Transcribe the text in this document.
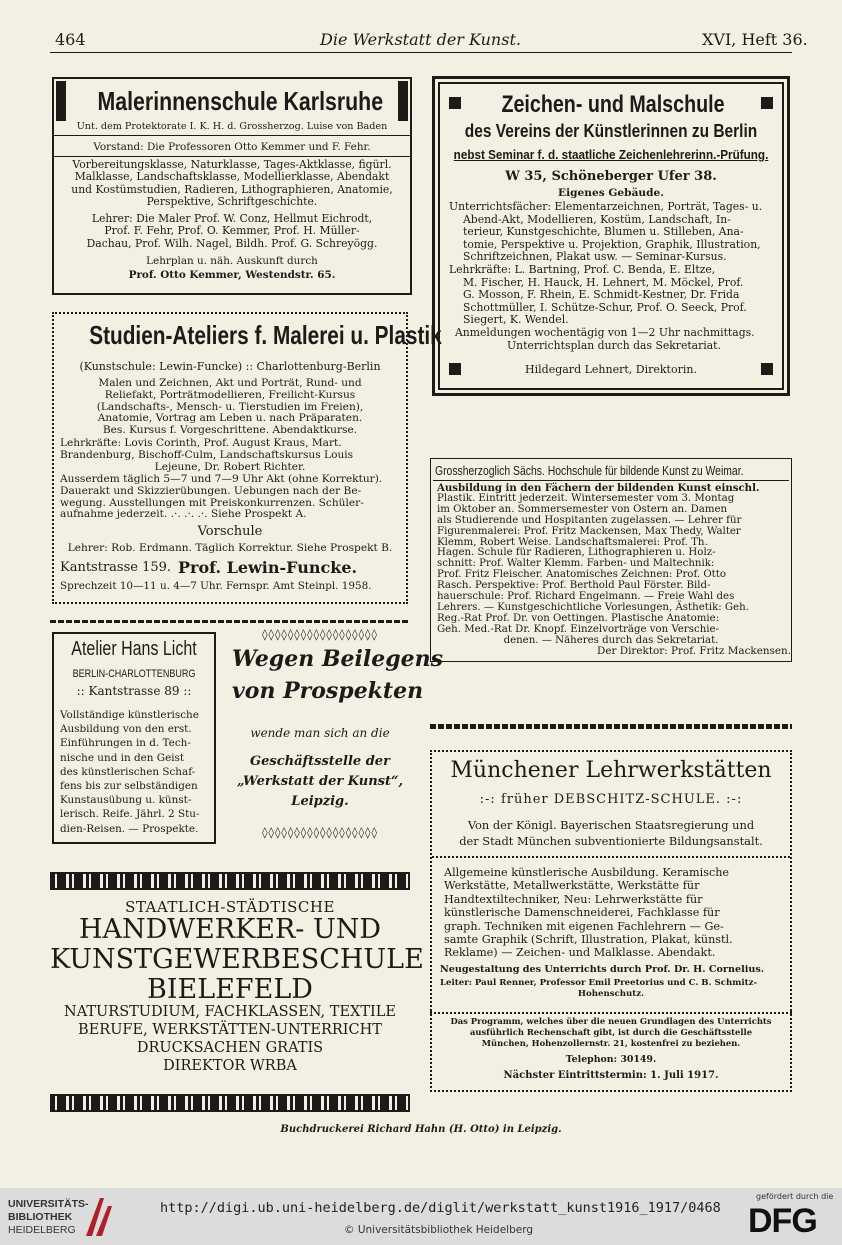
464	Die Werkstatt der Kunst.	XVI, Heft 36.
Malerinnenschule Karlsruhe
Unt. dem Protektorate I. K. H. d. Grossherzog. Luise von Baden
Vorstand: Die Professoren Otto Kemmer und F. Fehr.
Vorbereitungsklasse, Naturklasse, Tages-Aktklasse, figürl.
Malklasse, Landschaftsklasse, Modellierklasse, Abendakt
und Kostümstudien, Radieren, Lithographieren, Anatomie,
Perspektive, Schriftgeschichte.
Lehrer: Die Maler Prof. W. Conz, Hellmut Eichrodt,
Prof. F. Fehr, Prof. O. Kemmer, Prof. H. Müller-
Dachau, Prof. Wilh. Nagel, Bildh. Prof. G. Schreyögg.
Lehrplan u. näh. Auskunft durch
Prof. Otto Kemmer, Westendstr. 65.
Zeichen- und Malschule
des Vereins der Künstlerinnen zu Berlin
nebst Seminar f. d. staatliche Zeichenlehrerinn.-Prüfung.
W 35, Schöneberger Ufer 38.
Eigenes Gebäude.
Unterrichtsfächer: Elementarzeichnen, Porträt, Tages- u.
Abend-Akt, Modellieren, Kostüm, Landschaft, In-
terieur, Kunstgeschichte, Blumen u. Stilleben, Ana-
tomie, Perspektive u. Projektion, Graphik, Illustration,
Schriftzeichnen, Plakat usw. — Seminar-Kursus.
Lehrkräfte: L. Bartning, Prof. C. Benda, E. Eltze,
M. Fischer, H. Hauck, H. Lehnert, M. Möckel, Prof.
G. Mosson, F. Rhein, E. Schmidt-Kestner, Dr. Frida
Schottmüller, I. Schütze-Schur, Prof. O. Seeck, Prof.
Siegert, K. Wendel.
Anmeldungen wochentägig von 1—2 Uhr nachmittags.
Unterrichtsplan durch das Sekretariat.
Hildegard Lehnert, Direktorin.
Studien-Ateliers f. Malerei u. Plastik
(Kunstschule: Lewin-Funcke) :: Charlottenburg-Berlin
Malen und Zeichnen, Akt und Porträt, Rund- und
Reliefakt, Porträtmodellieren, Freilicht-Kursus
(Landschafts-, Mensch- u. Tierstudien im Freien),
Anatomie, Vortrag am Leben u. nach Präparaten.
Bes. Kursus f. Vorgeschrittene. Abendaktkurse.
Lehrkräfte: Lovis Corinth, Prof. August Kraus, Mart.
Brandenburg, Bischoff-Culm, Landschaftskursus Louis
Lejeune, Dr. Robert Richter.
Ausserdem täglich 5—7 und 7—9 Uhr Akt (ohne Korrektur).
Dauerakt und Skizzierübungen. Uebungen nach der Be-
wegung. Ausstellungen mit Preiskonkurrenzen. Schüler-
aufnahme jederzeit. .·. .·. .·. Siehe Prospekt A.
Vorschule
Lehrer: Rob. Erdmann. Täglich Korrektur. Siehe Prospekt B.
Kantstrasse 159. Prof. Lewin-Funcke.
Sprechzeit 10—11 u. 4—7 Uhr. Fernspr. Amt Steinpl. 1958.
Grossherzoglich Sächs. Hochschule für bildende Kunst zu Weimar.
Ausbildung in den Fächern der bildenden Kunst einschl.
Plastik. Eintritt jederzeit. Wintersemester vom 3. Montag
im Oktober an. Sommersemester von Ostern an. Damen
als Studierende und Hospitanten zugelassen. — Lehrer für
Figurenmalerei: Prof. Fritz Mackensen, Max Thedy, Walter
Klemm, Robert Weise. Landschaftsmalerei: Prof. Th.
Hagen. Schule für Radieren, Lithographieren u. Holz-
schnitt: Prof. Walter Klemm. Farben- und Maltechnik:
Prof. Fritz Fleischer. Anatomisches Zeichnen: Prof. Otto
Rasch. Perspektive: Prof. Berthold Paul Förster. Bild-
hauerschule: Prof. Richard Engelmann. — Freie Wahl des
Lehrers. — Kunstgeschichtliche Vorlesungen, Ästhetik: Geh.
Reg.-Rat Prof. Dr. von Oettingen. Plastische Anatomie:
Geh. Med.-Rat Dr. Knopf. Einzelvorträge von Verschie-
denen. — Näheres durch das Sekretariat.
Der Direktor: Prof. Fritz Mackensen.
Atelier Hans Licht
BERLIN-CHARLOTTENBURG
:: Kantstrasse 89 ::
Vollständige künstlerische
Ausbildung von den erst.
Einführungen in d. Tech-
nische und in den Geist
des künstlerischen Schaf-
fens bis zur selbständigen
Kunstausübung u. künst-
lerisch. Reife. Jährl. 2 Stu-
dien-Reisen. — Prospekte.
◊◊◊◊◊◊◊◊◊◊◊◊◊◊◊◊◊◊
Wegen Beilegens
von Prospekten
wende man sich an die
Geschäftsstelle der
„Werkstatt der Kunst“,
Leipzig.
◊◊◊◊◊◊◊◊◊◊◊◊◊◊◊◊◊◊
Münchener Lehrwerkstätten
:-: früher DEBSCHITZ-SCHULE. :-:
Von der Königl. Bayerischen Staatsregierung und
der Stadt München subventionierte Bildungsanstalt.
Allgemeine künstlerische Ausbildung. Keramische
Werkstätte, Metallwerkstätte, Werkstätte für
Handtextiltechniker, Neu: Lehrwerkstätte für
künstlerische Damenschneiderei, Fachklasse für
graph. Techniken mit eigenen Fachlehrern — Ge-
samte Graphik (Schrift, Illustration, Plakat, künstl.
Reklame) — Zeichen- und Malklasse. Abendakt.
Neugestaltung des Unterrichts durch Prof. Dr. H. Cornelius.
Leiter: Paul Renner, Professor Emil Preetorius und C. B. Schmitz-
Hohenschutz.
STAATLICH-STÄDTISCHE
HANDWERKER- UND
KUNSTGEWERBESCHULE
BIELEFELD
NATURSTUDIUM, FACHKLASSEN, TEXTILE
BERUFE, WERKSTÄTTEN-UNTERRICHT
DRUCKSACHEN GRATIS
DIREKTOR WRBA
Das Programm, welches über die neuen Grundlagen des Unterrichts
ausführlich Rechenschaft gibt, ist durch die Geschäftsstelle
München, Hohenzollernstr. 21, kostenfrei zu beziehen.
Telephon: 30149.
Nächster Eintrittstermin: 1. Juli 1917.
Buchdruckerei Richard Hahn (H. Otto) in Leipzig.
UNIVERSITÄTS-
BIBLIOTHEK
HEIDELBERG
http://digi.ub.uni-heidelberg.de/diglit/werkstatt_kunst1916_1917/0468
© Universitätsbibliothek Heidelberg
gefördert durch die
DFG
